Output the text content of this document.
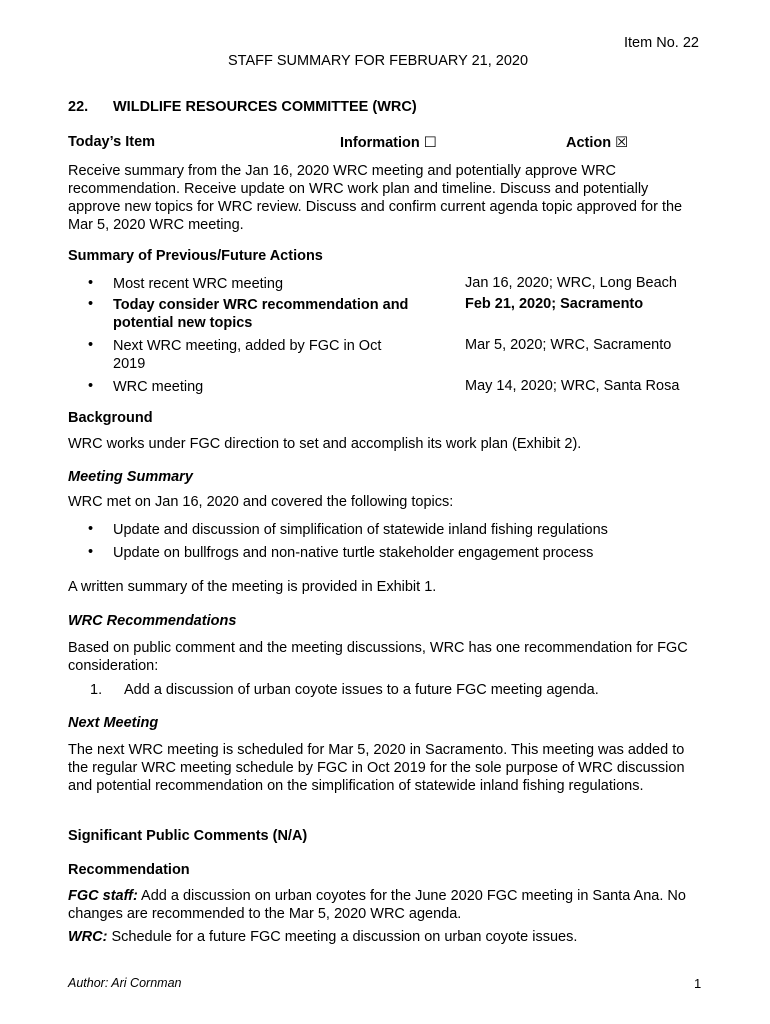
Item No. 22
STAFF SUMMARY FOR FEBRUARY 21, 2020
22. WILDLIFE RESOURCES COMMITTEE (WRC)
Today’s Item	Information ☐	Action ☒
Receive summary from the Jan 16, 2020 WRC meeting and potentially approve WRC recommendation. Receive update on WRC work plan and timeline. Discuss and potentially approve new topics for WRC review. Discuss and confirm current agenda topic approved for the Mar 5, 2020 WRC meeting.
Summary of Previous/Future Actions
• Most recent WRC meeting	Jan 16, 2020; WRC, Long Beach
• Today consider WRC recommendation and potential new topics
Feb 21, 2020; Sacramento
• Next WRC meeting, added by FGC in Oct 2019
Mar 5, 2020; WRC, Sacramento
• WRC meeting	May 14, 2020; WRC, Santa Rosa
Background
WRC works under FGC direction to set and accomplish its work plan (Exhibit 2).
Meeting Summary
WRC met on Jan 16, 2020 and covered the following topics:
• Update and discussion of simplification of statewide inland fishing regulations
• Update on bullfrogs and non-native turtle stakeholder engagement process
A written summary of the meeting is provided in Exhibit 1.
WRC Recommendations
Based on public comment and the meeting discussions, WRC has one recommendation for FGC consideration:
1. Add a discussion of urban coyote issues to a future FGC meeting agenda.
Next Meeting
The next WRC meeting is scheduled for Mar 5, 2020 in Sacramento. This meeting was added to the regular WRC meeting schedule by FGC in Oct 2019 for the sole purpose of WRC discussion and potential recommendation on the simplification of statewide inland fishing regulations.
Significant Public Comments (N/A)
Recommendation
FGC staff: Add a discussion on urban coyotes for the June 2020 FGC meeting in Santa Ana. No changes are recommended to the Mar 5, 2020 WRC agenda.
WRC: Schedule for a future FGC meeting a discussion on urban coyote issues.
Author: Ari Cornman	1
